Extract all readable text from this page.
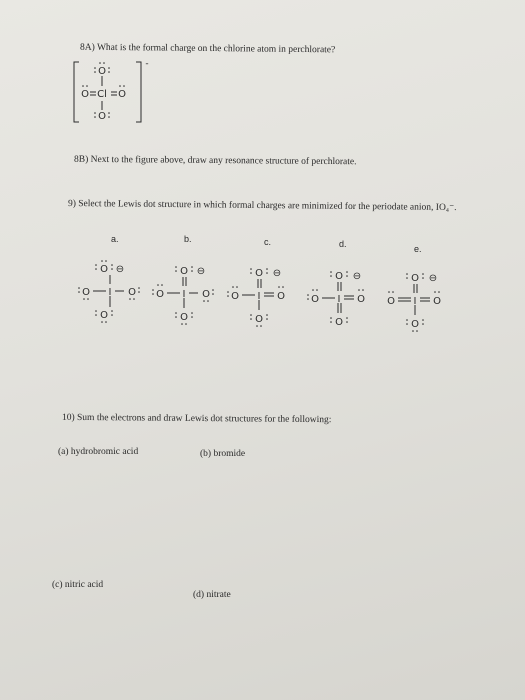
8A) What is the formal charge on the chlorine atom in perchlorate?
8B) Next to the figure above, draw any resonance structure of perchlorate.
9) Select the Lewis dot structure in which formal charges are minimized for the periodate anion, IO₄⁻.
10) Sum the electrons and draw Lewis dot structures for the following:
a.	b.	c.	d.	e.
(a) hydrobromic acid	(b) bromide
(c) nitric acid
(d) nitrate
O
Cl
O	O
O
-
O
I
O	O
O
⊖	O
I
O	O
O
⊖	O
I
O	O
O
⊖	O
I
O	O
O
⊖	O
I
O	O
O
⊖
